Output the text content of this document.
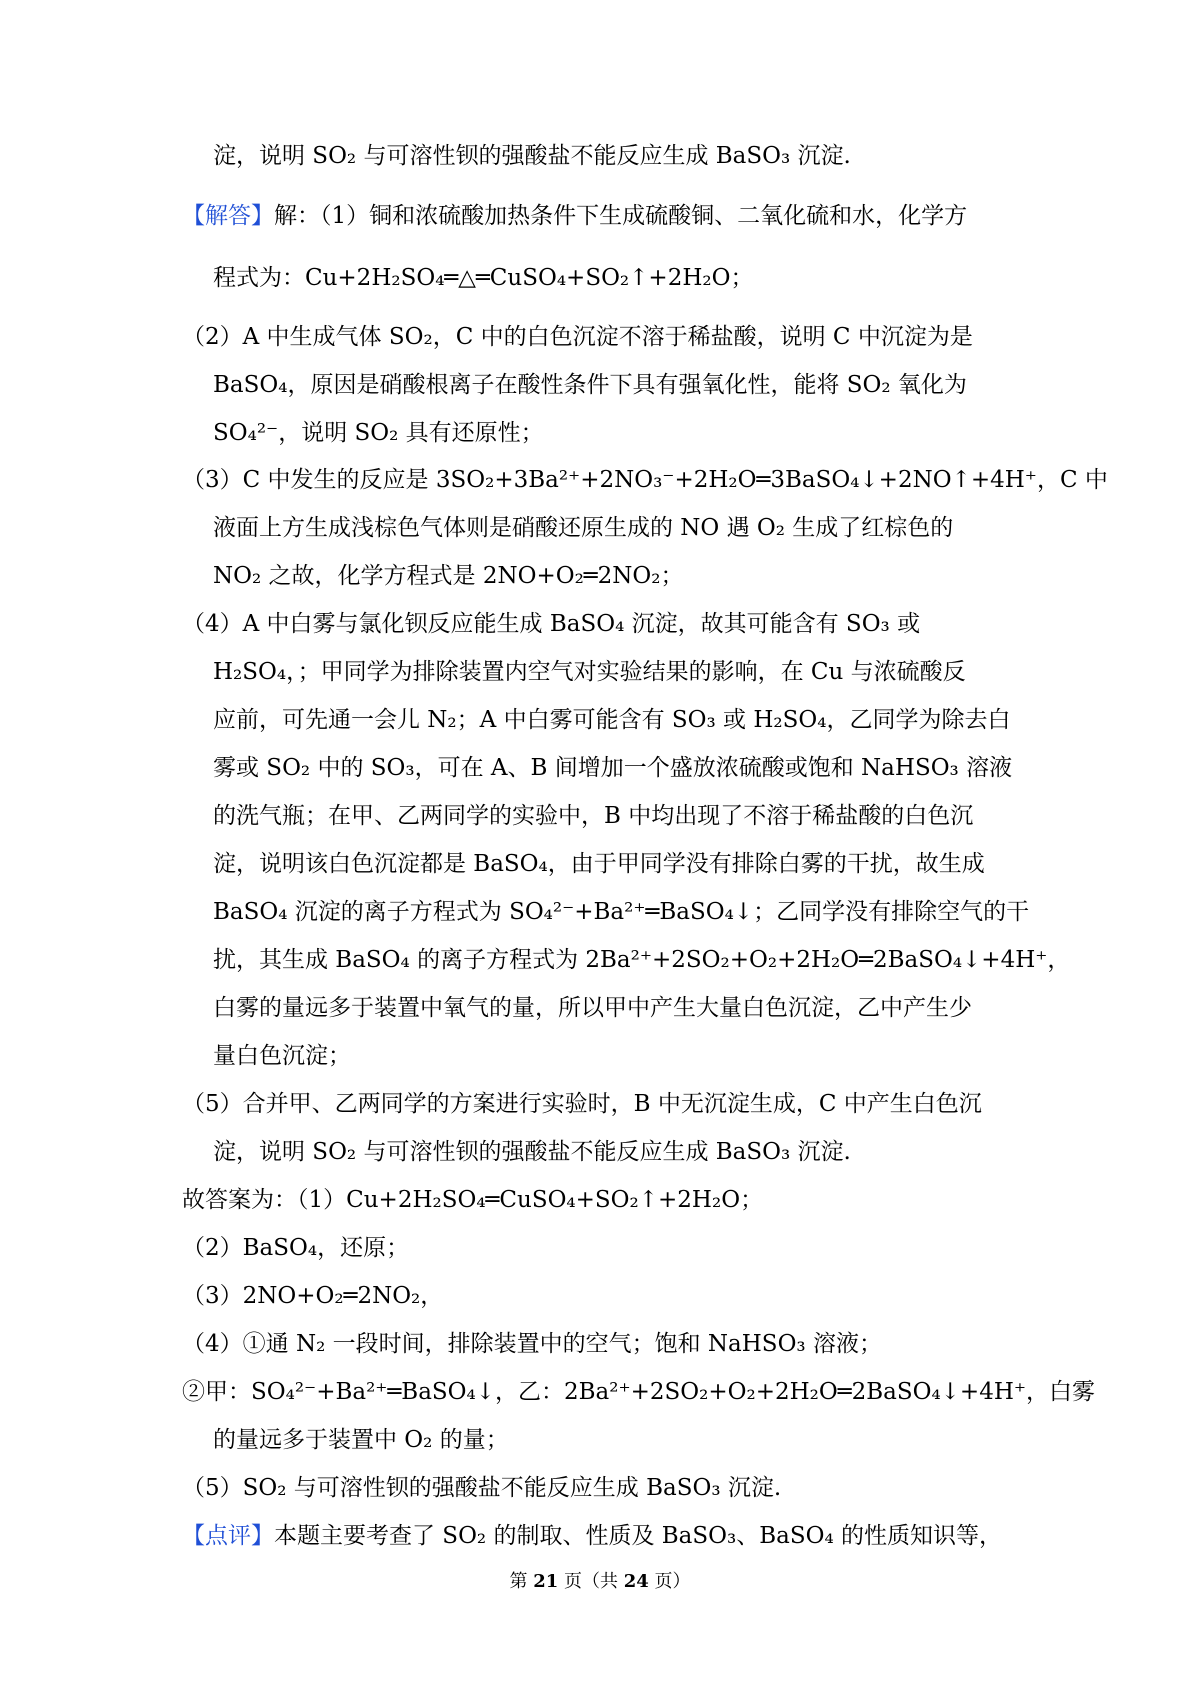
淀，说明 SO₂ 与可溶性钡的强酸盐不能反应生成 BaSO₃ 沉淀.
【解答】解：（1）铜和浓硫酸加热条件下生成硫酸铜、二氧化硫和水，化学方
程式为：Cu+2H₂SO₄═△═CuSO₄+SO₂↑+2H₂O；
（2）A 中生成气体 SO₂，C 中的白色沉淀不溶于稀盐酸，说明 C 中沉淀为是
BaSO₄，原因是硝酸根离子在酸性条件下具有强氧化性，能将 SO₂ 氧化为
SO₄²⁻，说明 SO₂ 具有还原性；
（3）C 中发生的反应是 3SO₂+3Ba²⁺+2NO₃⁻+2H₂O═3BaSO₄↓+2NO↑+4H⁺，C 中
液面上方生成浅棕色气体则是硝酸还原生成的 NO 遇 O₂ 生成了红棕色的
NO₂ 之故，化学方程式是 2NO+O₂═2NO₂；
（4）A 中白雾与氯化钡反应能生成 BaSO₄ 沉淀，故其可能含有 SO₃ 或
H₂SO₄，；甲同学为排除装置内空气对实验结果的影响，在 Cu 与浓硫酸反
应前，可先通一会儿 N₂；A 中白雾可能含有 SO₃ 或 H₂SO₄，乙同学为除去白
雾或 SO₂ 中的 SO₃，可在 A、B 间增加一个盛放浓硫酸或饱和 NaHSO₃ 溶液
的洗气瓶；在甲、乙两同学的实验中，B 中均出现了不溶于稀盐酸的白色沉
淀，说明该白色沉淀都是 BaSO₄，由于甲同学没有排除白雾的干扰，故生成
BaSO₄ 沉淀的离子方程式为 SO₄²⁻+Ba²⁺═BaSO₄↓；乙同学没有排除空气的干
扰，其生成 BaSO₄ 的离子方程式为 2Ba²⁺+2SO₂+O₂+2H₂O═2BaSO₄↓+4H⁺，
白雾的量远多于装置中氧气的量，所以甲中产生大量白色沉淀，乙中产生少
量白色沉淀；
（5）合并甲、乙两同学的方案进行实验时，B 中无沉淀生成，C 中产生白色沉
淀，说明 SO₂ 与可溶性钡的强酸盐不能反应生成 BaSO₃ 沉淀.
故答案为：（1）Cu+2H₂SO₄═CuSO₄+SO₂↑+2H₂O；
（2）BaSO₄，还原；
（3）2NO+O₂═2NO₂，
（4）①通 N₂ 一段时间，排除装置中的空气；饱和 NaHSO₃ 溶液；
②甲：SO₄²⁻+Ba²⁺═BaSO₄↓，乙：2Ba²⁺+2SO₂+O₂+2H₂O═2BaSO₄↓+4H⁺，白雾
的量远多于装置中 O₂ 的量；
（5）SO₂ 与可溶性钡的强酸盐不能反应生成 BaSO₃ 沉淀.
【点评】本题主要考查了 SO₂ 的制取、性质及 BaSO₃、BaSO₄ 的性质知识等，
第 21 页（共 24 页）
